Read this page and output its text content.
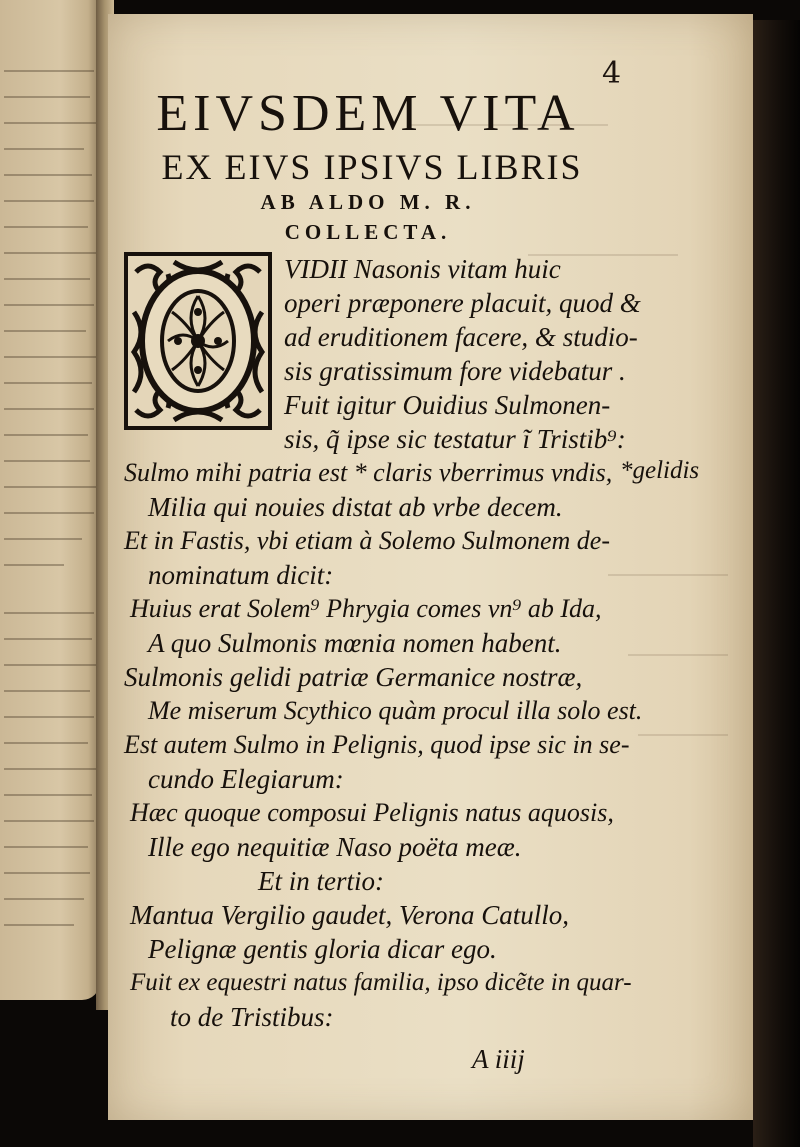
4
EIVSDEM VITA
EX EIVS IPSIVS LIBRIS
AB ALDO M. R.
COLLECTA.
VIDII Nasonis vitam huic
operi præponere placuit, quod &
ad eruditionem facere, & studio-
sis gratissimum fore videbatur .
Fuit igitur Ouidius Sulmonen-
sis, q̃ ipse sic testatur ĩ Tristib⁹:
Sulmo mihi patria est * claris vberrimus vndis,
Milia qui nouies distat ab vrbe decem.
Et in Fastis, vbi etiam à Solemo Sulmonem de-
nominatum dicit:
Huius erat Solem⁹ Phrygia comes vn⁹ ab Ida,
A quo Sulmonis mœnia nomen habent.
Sulmonis gelidi patriæ Germanice nostræ,
Me miserum Scythico quàm procul illa solo est.
Est autem Sulmo in Pelignis, quod ipse sic in se-
cundo Elegiarum:
Hæc quoque composui Pelignis natus aquosis,
Ille ego nequitiæ Naso poëta meæ.
Et in tertio:
Mantua Vergilio gaudet, Verona Catullo,
Pelignæ gentis gloria dicar ego.
Fuit ex equestri natus familia, ipso dicẽte in quar-
to de Tristibus:
*gelidis
A iiij
